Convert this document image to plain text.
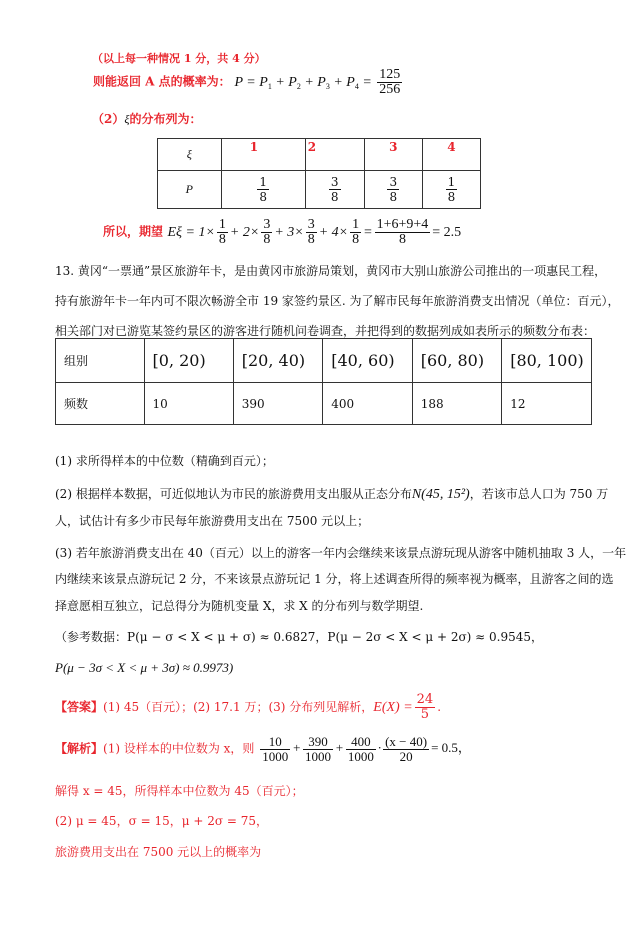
（以上每一种情况 1 分，共 4 分）
则能返回 A 点的概率为： $P = P_1 + P_2 + P_3 + P_4 = \frac{125}{256}$
（2）ξ的分布列为：
ξ	1	2	3	4
P	$\frac{1}{8}$	$\frac{3}{8}$	$\frac{3}{8}$	$\frac{1}{8}$
所以，期望 $E\xi = 1\times \frac{1}{8} + 2\times \frac{3}{8} + 3\times \frac{3}{8} + 4\times \frac{1}{8} = \frac{1+6+9+4}{8} = 2.5$
13. 黄冈“一票通”景区旅游年卡，是由黄冈市旅游局策划，黄冈市大别山旅游公司推出的一项惠民工程，
持有旅游年卡一年内可不限次畅游全市 19 家签约景区. 为了解市民每年旅游消费支出情况（单位：百元），
相关部门对已游览某签约景区的游客进行随机问卷调查，并把得到的数据列成如表所示的频数分布表：
组别	[0, 20)	[20, 40)	[40, 60)	[60, 80)	[80, 100)
频数	10	390	400	188	12
(1) 求所得样本的中位数（精确到百元）；
(2) 根据样本数据，可近似地认为市民的旅游费用支出服从正态分布N(45, 15²)，若该市总人口为 750 万
人，试估计有多少市民每年旅游费用支出在 7500 元以上；
(3) 若年旅游消费支出在 40（百元）以上的游客一年内会继续来该景点游玩现从游客中随机抽取 3 人，一年
内继续来该景点游玩记 2 分，不来该景点游玩记 1 分，将上述调查所得的频率视为概率，且游客之间的选
择意愿相互独立，记总得分为随机变量 X，求 X 的分布列与数学期望.
（参考数据：P(μ − σ < X < μ + σ) ≈ 0.6827，P(μ − 2σ < X < μ + 2σ) ≈ 0.9545，
P(μ − 3σ < X < μ + 3σ) ≈ 0.9973)
【答案】(1) 45（百元）；(2) 17.1 万；(3) 分布列见解析，$E(X) = \frac{24}{5}$ .
【解析】(1) 设样本的中位数为 x，则 $\frac{10}{1000} + \frac{390}{1000} + \frac{400}{1000} \cdot \frac{(x - 40)}{20} = 0.5$，
解得 x = 45，所得样本中位数为 45（百元）；
(2) μ = 45，σ = 15，μ + 2σ = 75，
旅游费用支出在 7500 元以上的概率为
